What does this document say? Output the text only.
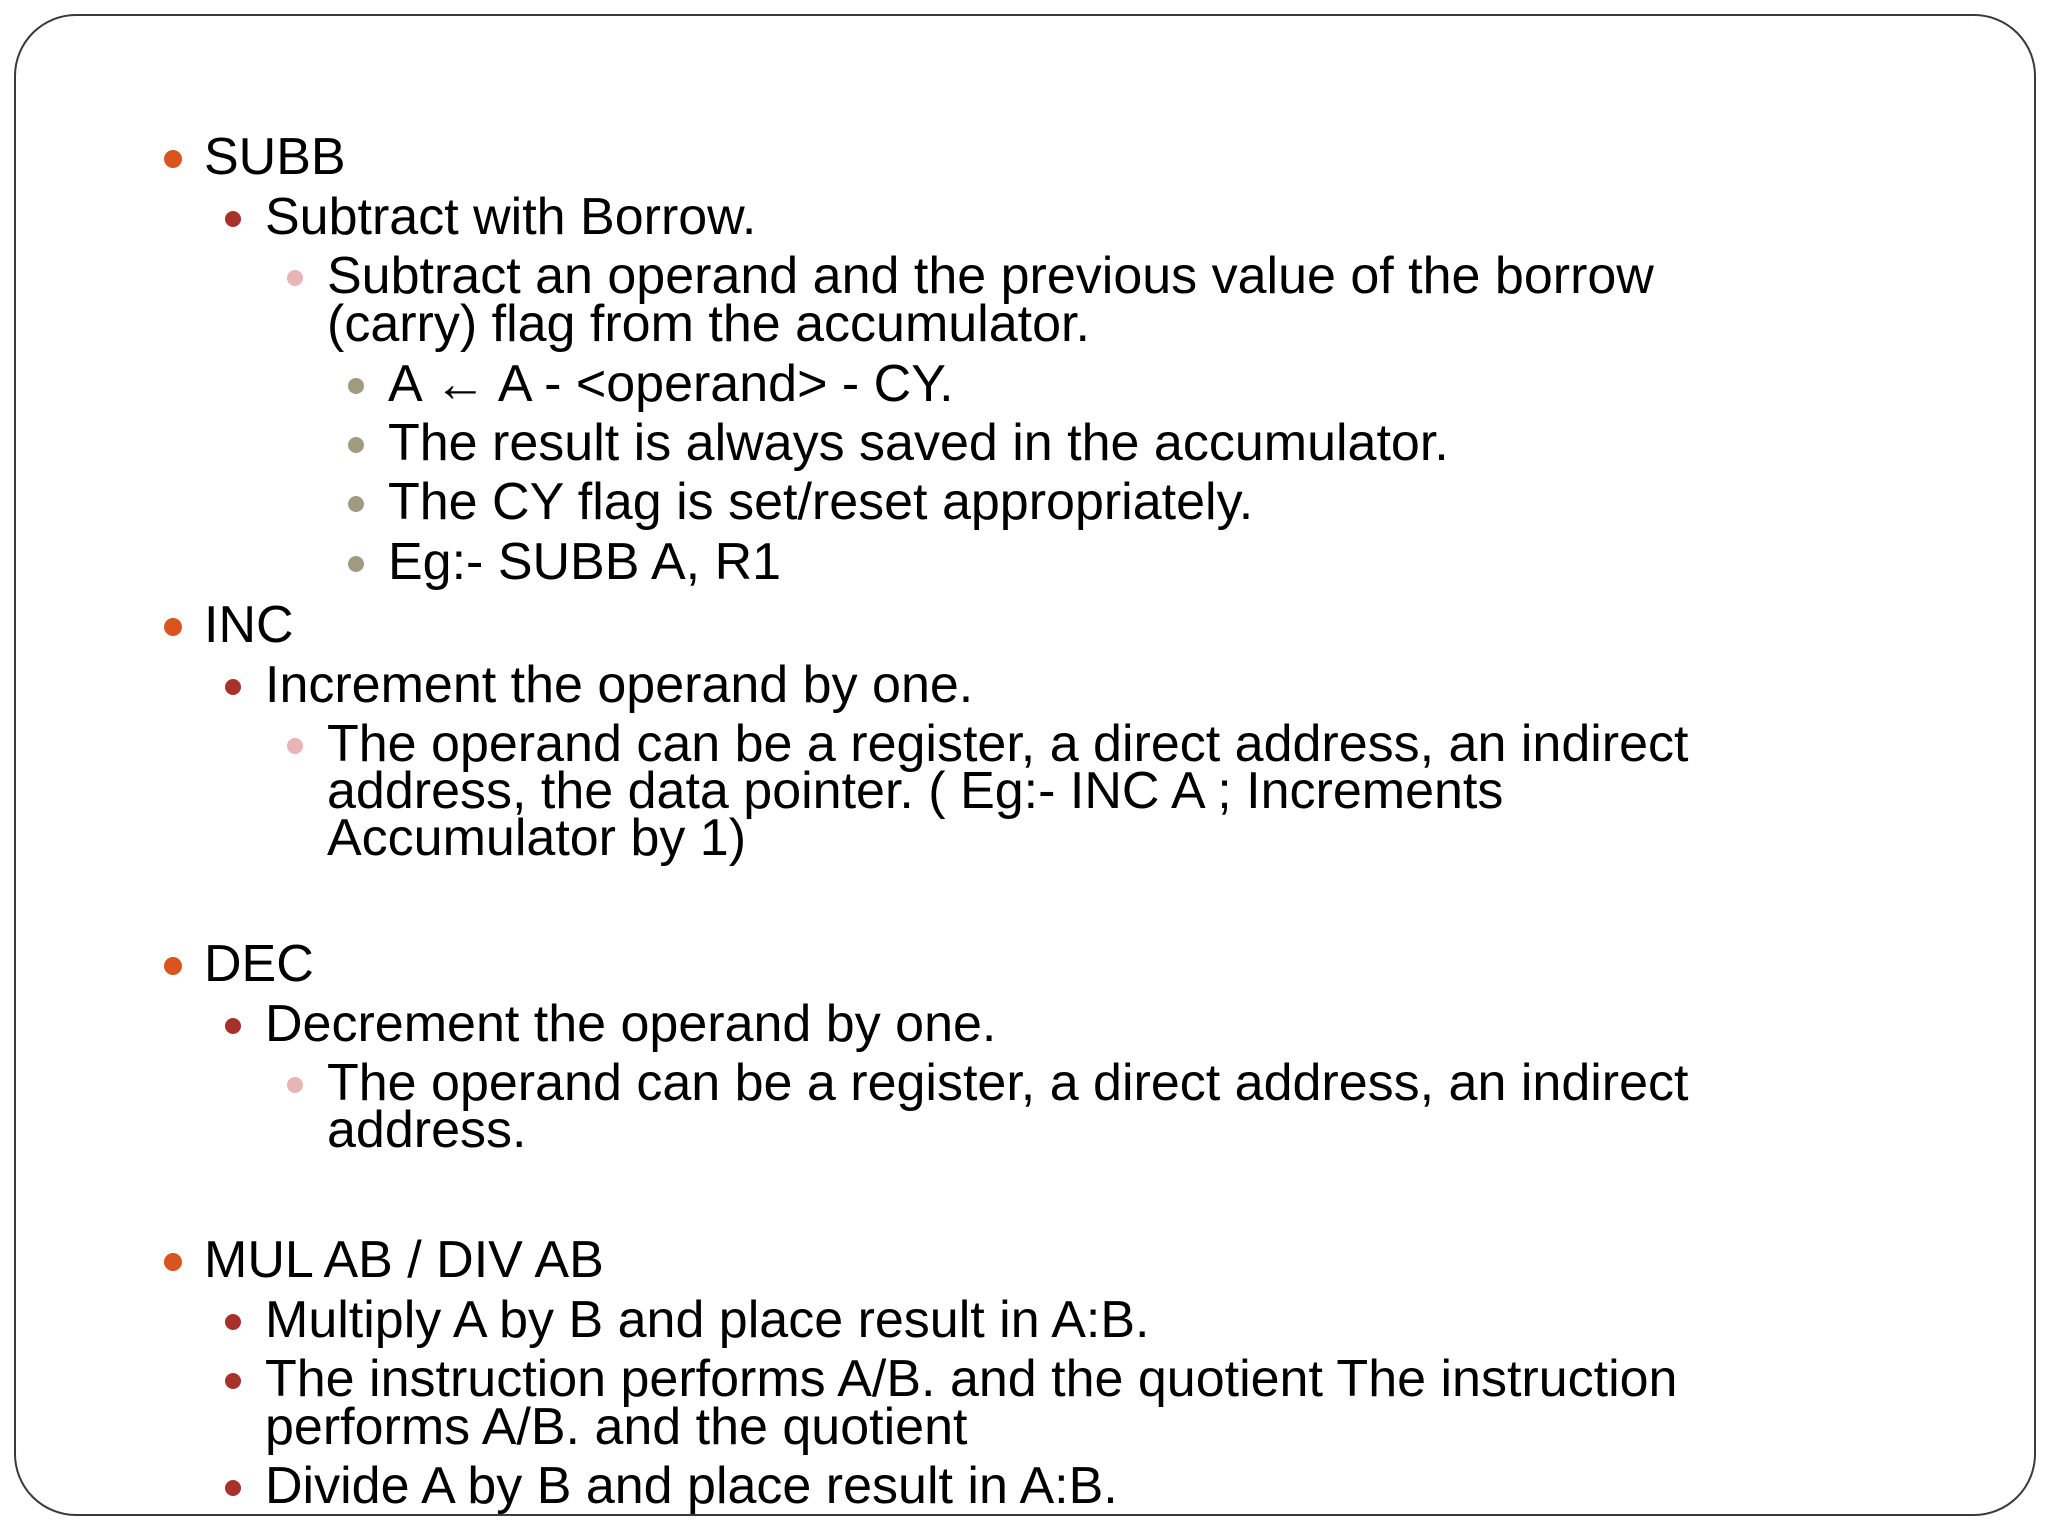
SUBB
Subtract with Borrow.
Subtract an operand and the previous value of the borrow
(carry) flag from the accumulator.
A ← A - <operand> - CY.
The result is always saved in the accumulator.
The CY flag is set/reset appropriately.
Eg:- SUBB A, R1
INC
Increment the operand by one.
The operand can be a register, a direct address, an indirect
address, the data pointer. ( Eg:- INC A ; Increments
Accumulator by 1)
DEC
Decrement the operand by one.
The operand can be a register, a direct address, an indirect
address.
MUL AB / DIV AB
Multiply A by B and place result in A:B.
The instruction performs A/B. and the quotient The instruction
performs A/B. and the quotient
Divide A by B and place result in A:B.
